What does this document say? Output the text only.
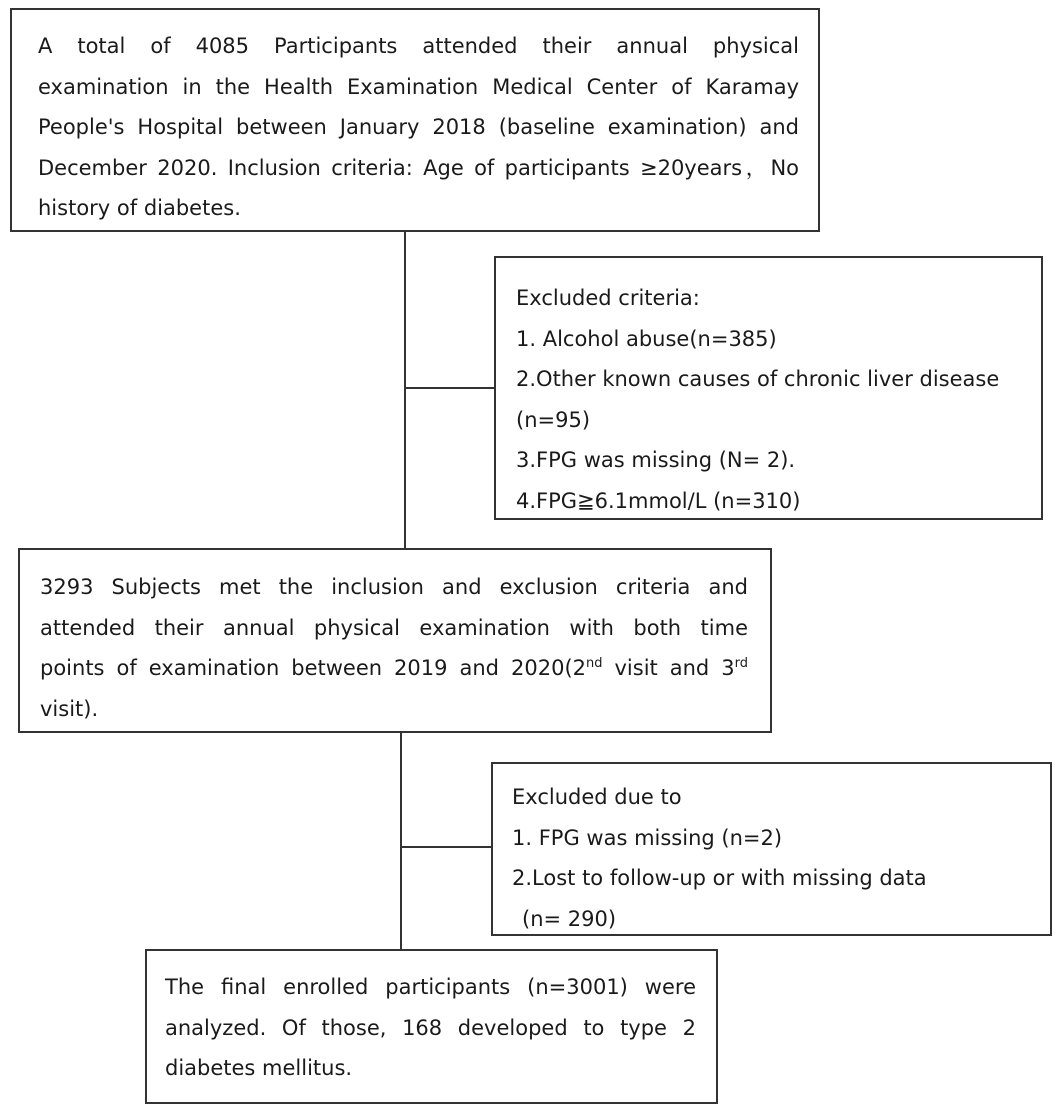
A total of 4085 Participants attended their annual physical

examination in the Health Examination Medical Center of Karamay

People's Hospital between January 2018 (baseline examination) and

December 2020. Inclusion criteria: Age of participants ≥20years，No

history of diabetes.

Excluded criteria:

1. Alcohol abuse(n=385)

2.Other known causes of chronic liver disease

(n=95)

3.FPG was missing (N= 2).

4.FPG≧6.1mmol/L (n=310)

3293 Subjects met the inclusion and exclusion criteria and

attended their annual physical examination with both time

points of examination between 2019 and 2020(2nd visit and 3rd

visit).

Excluded due to

1. FPG was missing (n=2)

2.Lost to follow-up or with missing data

(n= 290)

The final enrolled participants (n=3001) were

analyzed. Of those, 168 developed to type 2

diabetes mellitus.
